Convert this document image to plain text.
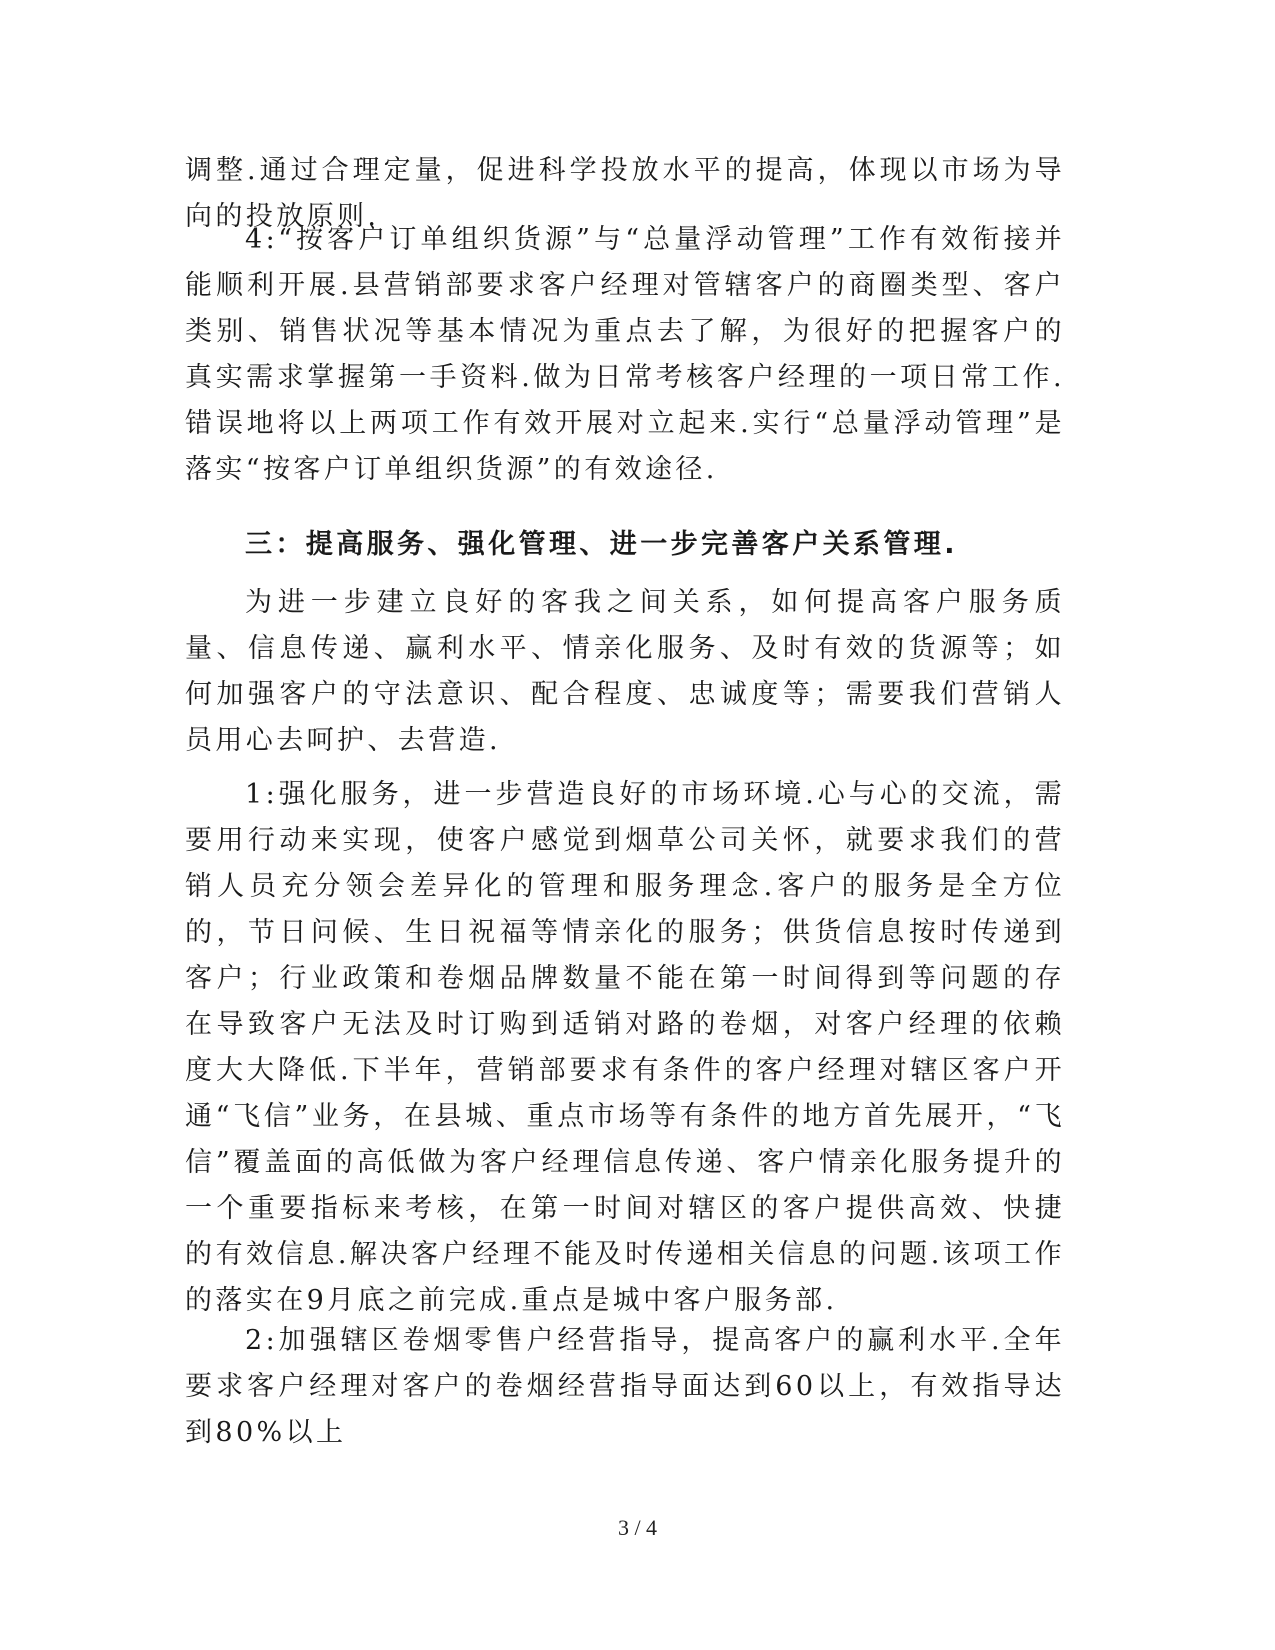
调整.通过合理定量，促进科学投放水平的提高，体现以市场为导向的投放原则.

4:“按客户订单组织货源”与“总量浮动管理”工作有效衔接并能顺利开展.县营销部要求客户经理对管辖客户的商圈类型、客户类别、销售状况等基本情况为重点去了解，为很好的把握客户的真实需求掌握第一手资料.做为日常考核客户经理的一项日常工作.错误地将以上两项工作有效开展对立起来.实行“总量浮动管理”是落实“按客户订单组织货源”的有效途径.

三：提高服务、强化管理、进一步完善客户关系管理.

为进一步建立良好的客我之间关系，如何提高客户服务质量、信息传递、赢利水平、情亲化服务、及时有效的货源等；如何加强客户的守法意识、配合程度、忠诚度等；需要我们营销人员用心去呵护、去营造.

1:强化服务，进一步营造良好的市场环境.心与心的交流，需要用行动来实现，使客户感觉到烟草公司关怀，就要求我们的营销人员充分领会差异化的管理和服务理念.客户的服务是全方位的，节日问候、生日祝福等情亲化的服务；供货信息按时传递到客户；行业政策和卷烟品牌数量不能在第一时间得到等问题的存在导致客户无法及时订购到适销对路的卷烟，对客户经理的依赖度大大降低.下半年，营销部要求有条件的客户经理对辖区客户开通“飞信”业务，在县城、重点市场等有条件的地方首先展开，“飞信”覆盖面的高低做为客户经理信息传递、客户情亲化服务提升的一个重要指标来考核，在第一时间对辖区的客户提供高效、快捷的有效信息.解决客户经理不能及时传递相关信息的问题.该项工作的落实在9月底之前完成.重点是城中客户服务部.

2:加强辖区卷烟零售户经营指导，提高客户的赢利水平.全年要求客户经理对客户的卷烟经营指导面达到60以上，有效指导达到80%以上

3 / 4
